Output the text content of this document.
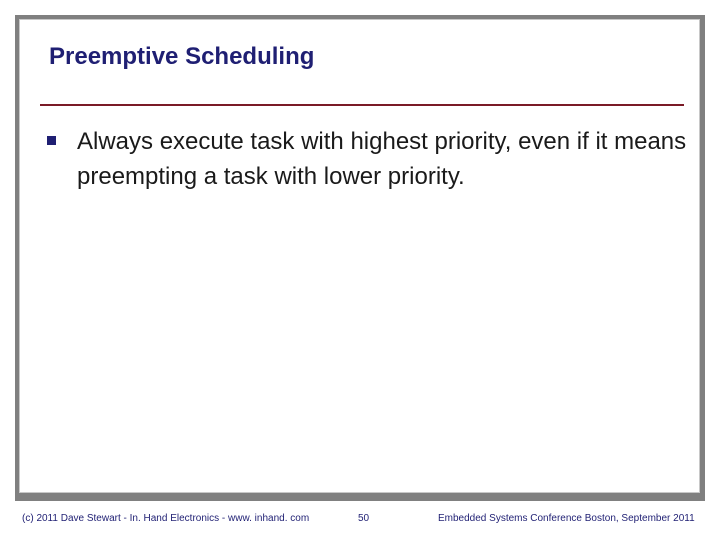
Preemptive Scheduling
Always execute task with highest priority, even if it means preempting a task with lower priority.
(c) 2011 Dave Stewart - In. Hand Electronics - www. inhand. com	50	Embedded Systems Conference Boston, September 2011
